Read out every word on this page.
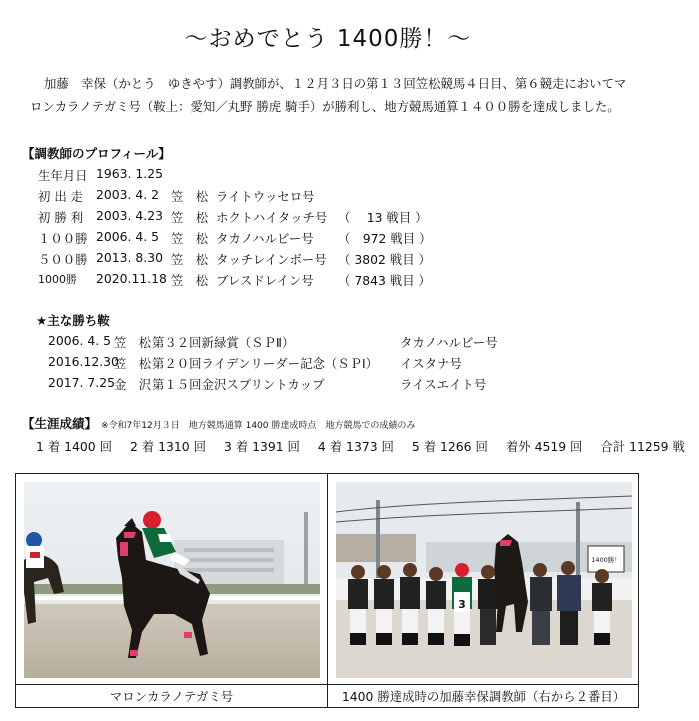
〜おめでとう 1400勝！〜
加藤　幸保（かとう　ゆきやす）調教師が、１２月３日の第１３回笠松競馬４日目、第６競走においてマロンカラノテガミ号（鞍上：愛知／丸野 勝虎 騎手）が勝利し、地方競馬通算１４００勝を達成しました。
【調教師のプロフィール】
生年月日 1963. 1.25
初 出 走 2003. 4. 2 笠　松 ライトウッセロ号
初 勝 利 2003. 4.23 笠　松 ホクトハイタッチ号 （　 13 戦目 ）
１００勝 2006. 4. 5 笠　松 タカノハルビー号 （　972 戦目 ）
５００勝 2013. 8.30 笠　松 タッチレインボー号 （ 3802 戦目 ）
1000勝 2020.11.18 笠　松 ブレスドレイン号 （ 7843 戦目 ）
★主な勝ち鞍
2006. 4. 5 笠　松 第３２回新緑賞（ＳＰⅡ）	タカノハルビー号
2016.12.30
笠　松 第２０回ライデンリーダー記念（ＳＰⅠ） イスタナ号
2017. 7.25 金　沢 第１５回金沢スプリントカップ	ライスエイト号
【生涯成績】 ※令和7年12月３日　地方競馬通算 1400 勝達成時点　地方競馬での成績のみ
1 着 1400 回 2 着 1310 回 3 着 1391 回 4 着 1373 回 5 着 1266 回 着外 4519 回 合計 11259 戦
マロンカラノテガミ号
1400勝！
3
1400 勝達成時の加藤幸保調教師（右から２番目）
